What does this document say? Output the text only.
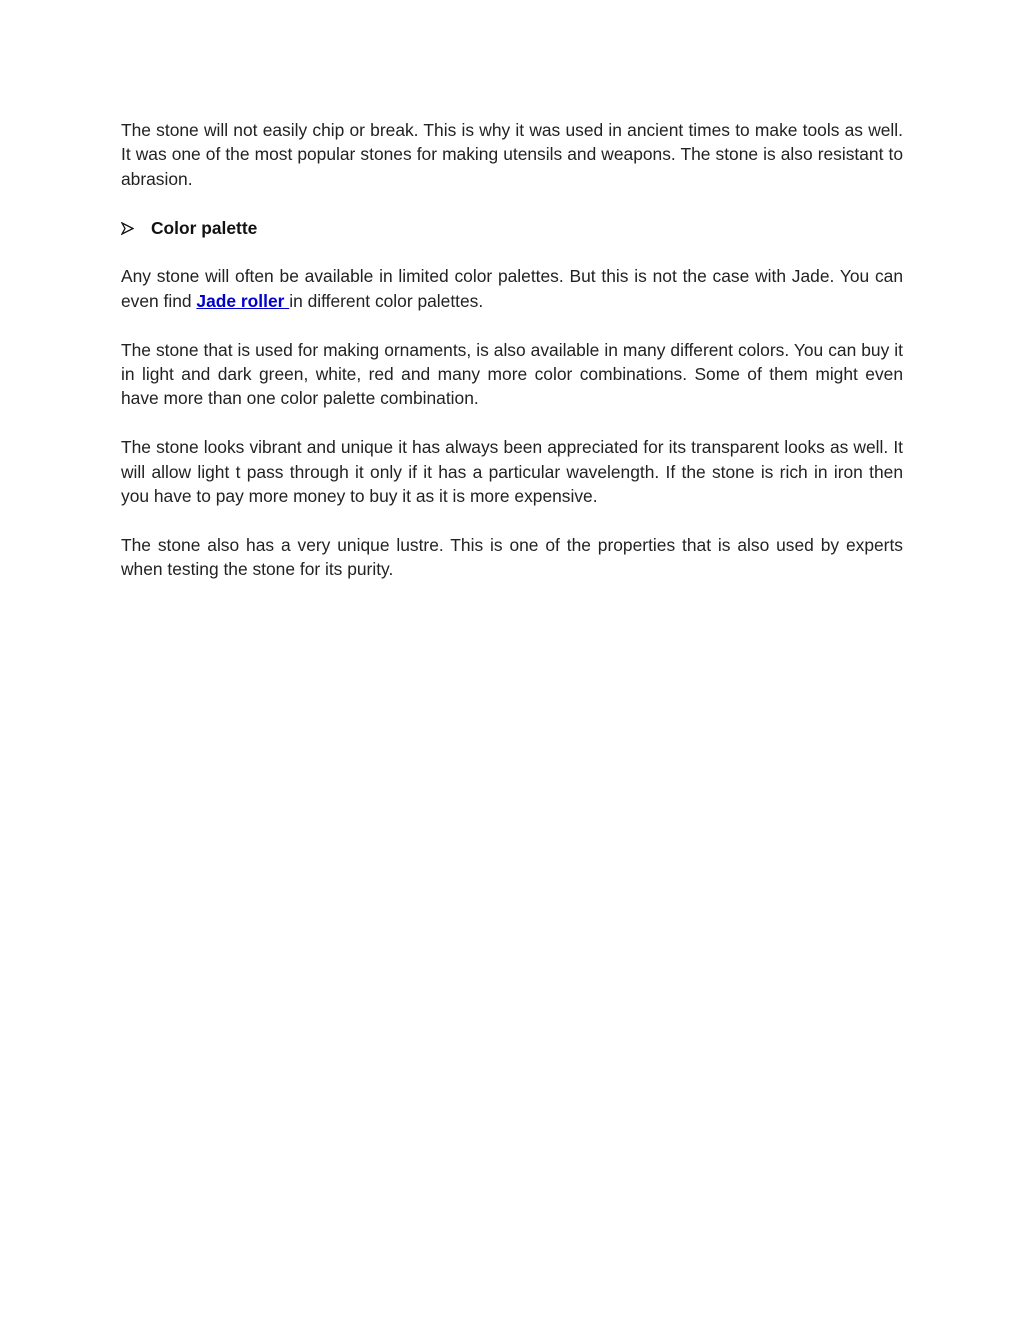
The stone will not easily chip or break. This is why it was used in ancient times to make tools as well. It was one of the most popular stones for making utensils and weapons. The stone is also resistant to abrasion.

Color palette

Any stone will often be available in limited color palettes. But this is not the case with Jade. You can even find Jade roller in different color palettes.

The stone that is used for making ornaments, is also available in many different colors. You can buy it in light and dark green, white, red and many more color combinations. Some of them might even have more than one color palette combination.

The stone looks vibrant and unique it has always been appreciated for its transparent looks as well. It will allow light t pass through it only if it has a particular wavelength. If the stone is rich in iron then you have to pay more money to buy it as it is more expensive.

The stone also has a very unique lustre. This is one of the properties that is also used by experts when testing the stone for its purity.
